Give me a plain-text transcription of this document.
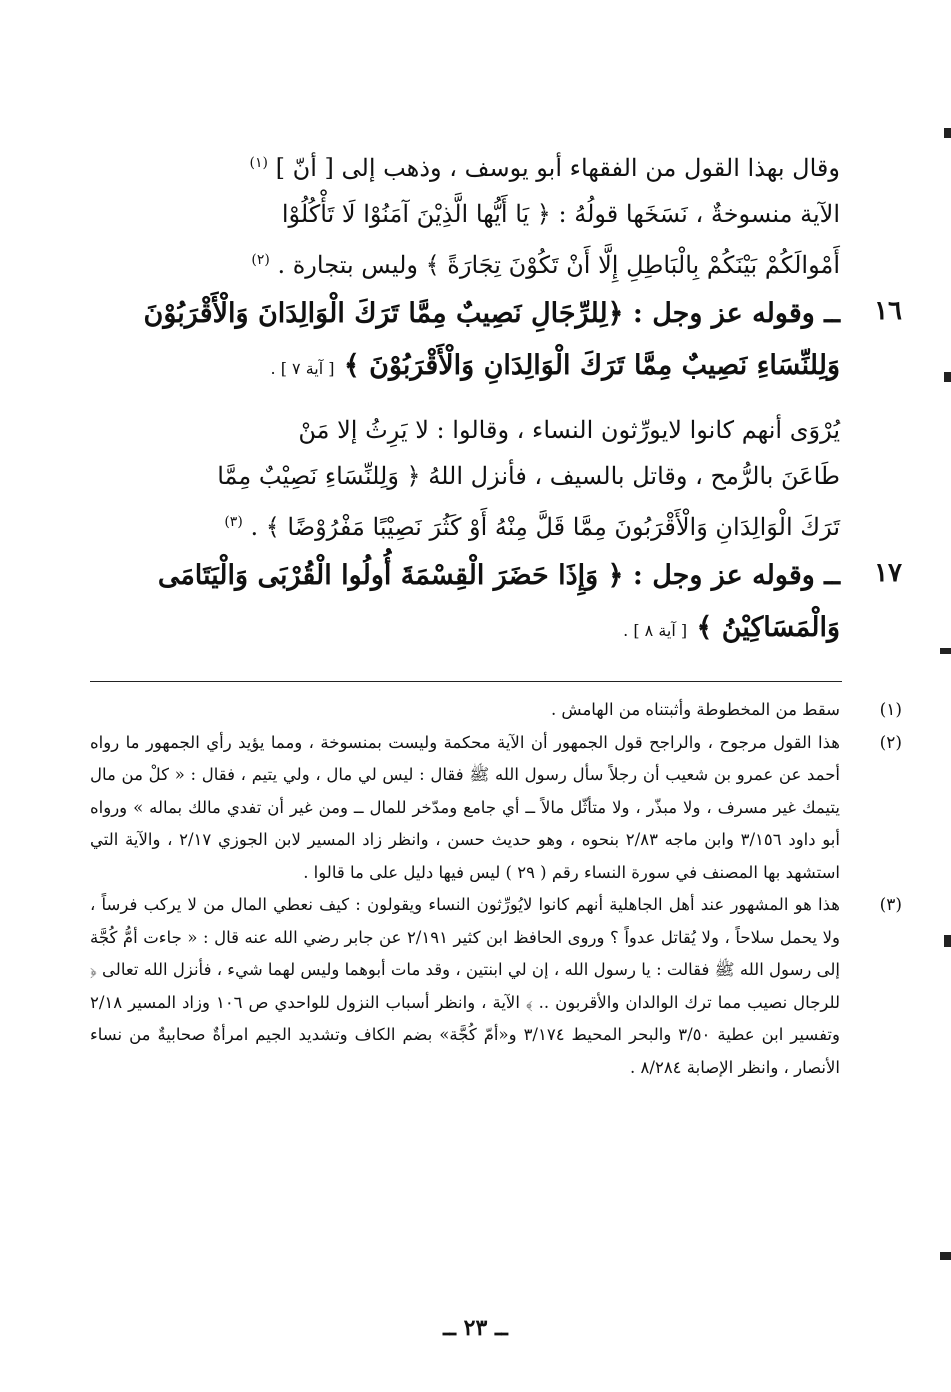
وقال بهذا القول من الفقهاء أبو يوسف ، وذهب إلى [ أنّ ] $^{(١)}$
الآية منسوخةٌ ، نَسَخَها قولُهُ : ﴿ يَا أَيُّها الَّذِيْنَ آمَنُوْا لَا تَأْكُلُوْا
أَمْوالَكُمْ بَيْنَكُمْ بِالْبَاطِلِ إِلَّا أَنْ تَكُوْنَ تِجَارَةً ﴾ وليس بتجارة . $^{(٢)}$

١٦

ــ وقوله عز وجل : ﴿لِلرِّجَالِ نَصِيبٌ مِمَّا تَرَكَ الْوَالِدَانَ وَالْأَقْرَبُوْنَ

وَلِلنِّسَاءِ نَصِيبٌ مِمَّا تَرَكَ الْوَالِدَانِ وَالْأَقْرَبُوْنَ ﴾ [ آية ٧ ] .

يُرْوَى أنهم كانوا لايورِّثون النساء ، وقالوا : لا يَرِثُ إلا مَنْ
طَاعَنَ بالرُّمح ، وقاتل بالسيف ، فأنزل اللهُ ﴿ وَلِلنِّسَاءِ نَصِيْبٌ مِمَّا
تَرَكَ الْوَالِدَانِ وَالْأَقْرَبُونَ مِمَّا قَلَّ مِنْهُ أَوْ كَثُرَ نَصِيْبًا مَفْرُوْضًا ﴾ . $^{(٣)}$

١٧

ــ وقوله عز وجل : ﴿ وَإِذَا حَضَرَ الْقِسْمَةَ أُولُوا الْقُرْبَى وَالْيَتَامَى

وَالْمَسَاكِيْنُ ﴾ [ آية ٨ ] .

(١)
سقط من المخطوطة وأثبتناه من الهامش .

(٢)
هذا القول مرجوح ، والراجح قول الجمهور أن الآية محكمة وليست بمنسوخة ، ومما يؤيد رأي الجمهور ما رواه أحمد عن عمرو بن شعيب أن رجلاً سأل رسول الله ﷺ فقال : ليس لي مال ، ولي يتيم ، فقال : « كلْ من مال يتيمك غير مسرف ، ولا مبذّر ، ولا متأثّل مالاً ــ أي جامع ومدّخر للمال ــ ومن غير أن تفدي مالك بماله » ورواه أبو داود ٣/١٥٦ وابن ماجه ٢/٨٣ بنحوه ، وهو حديث حسن ، وانظر زاد المسير لابن الجوزي ٢/١٧ ، والآية التي استشهد بها المصنف في سورة النساء رقم ( ٢٩ ) ليس فيها دليل على ما قالوا .

(٣)
هذا هو المشهور عند أهل الجاهلية أنهم كانوا لايُورِّثون النساء ويقولون : كيف نعطي المال من لا يركب فرساً ، ولا يحمل سلاحاً ، ولا يُقاتل عدواً ؟ وروى الحافظ ابن كثير ٢/١٩١ عن جابر رضي الله عنه قال : « جاءت أمُّ كُجَّة إلى رسول الله ﷺ فقالت : يا رسول الله ، إن لي ابنتين ، وقد مات أبوهما وليس لهما شيء ، فأنزل الله تعالى ﴿ للرجال نصيب مما ترك الوالدان والأقربون .. ﴾ الآية ، وانظر أسباب النزول للواحدي ص ١٠٦ وزاد المسير ٢/١٨ وتفسير ابن عطية ٣/٥٠ والبحر المحيط ٣/١٧٤ و«أمّ كُجَّة» بضم الكاف وتشديد الجيم امرأةٌ صحابيةٌ من نساء الأنصار ، وانظر الإصابة ٨/٢٨٤ .

ــ ٢٣ ــ
